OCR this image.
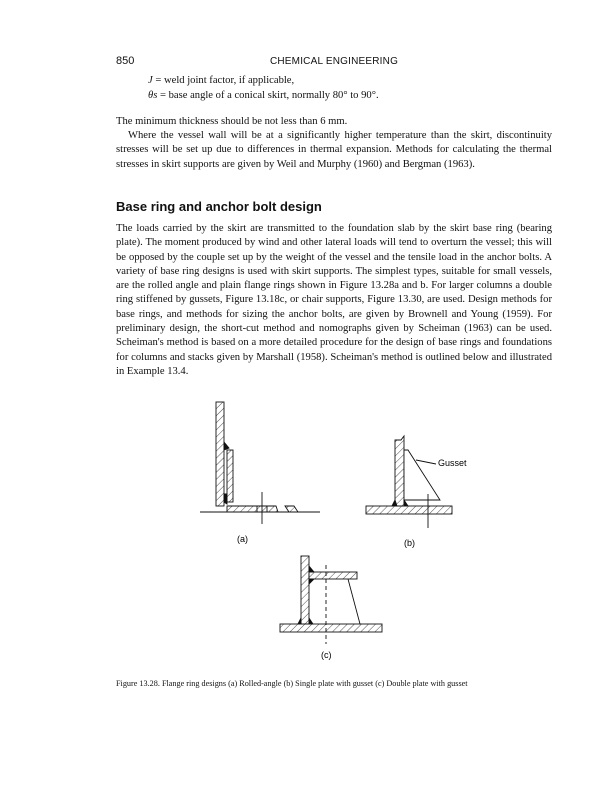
850	CHEMICAL ENGINEERING
J = weld joint factor, if applicable,
θs = base angle of a conical skirt, normally 80° to 90°.

The minimum thickness should be not less than 6 mm.

Where the vessel wall will be at a significantly higher temperature than the skirt, discontinuity stresses will be set up due to differences in thermal expansion. Methods for calculating the thermal stresses in skirt supports are given by Weil and Murphy (1960) and Bergman (1963).

Base ring and anchor bolt design

The loads carried by the skirt are transmitted to the foundation slab by the skirt base ring (bearing plate). The moment produced by wind and other lateral loads will tend to overturn the vessel; this will be opposed by the couple set up by the weight of the vessel and the tensile load in the anchor bolts. A variety of base ring designs is used with skirt supports. The simplest types, suitable for small vessels, are the rolled angle and plain flange rings shown in Figure 13.28a and b. For larger columns a double ring stiffened by gussets, Figure 13.18c, or chair supports, Figure 13.30, are used. Design methods for base rings, and methods for sizing the anchor bolts, are given by Brownell and Young (1959). For preliminary design, the short-cut method and nomographs given by Scheiman (1963) can be used. Scheiman's method is based on a more detailed procedure for the design of base rings and foundations for columns and stacks given by Marshall (1958). Scheiman's method is outlined below and illustrated in Example 13.4.

(a)
Gusset
(b)
(c)
Figure 13.28. Flange ring designs (a) Rolled-angle (b) Single plate with gusset (c) Double plate with gusset
